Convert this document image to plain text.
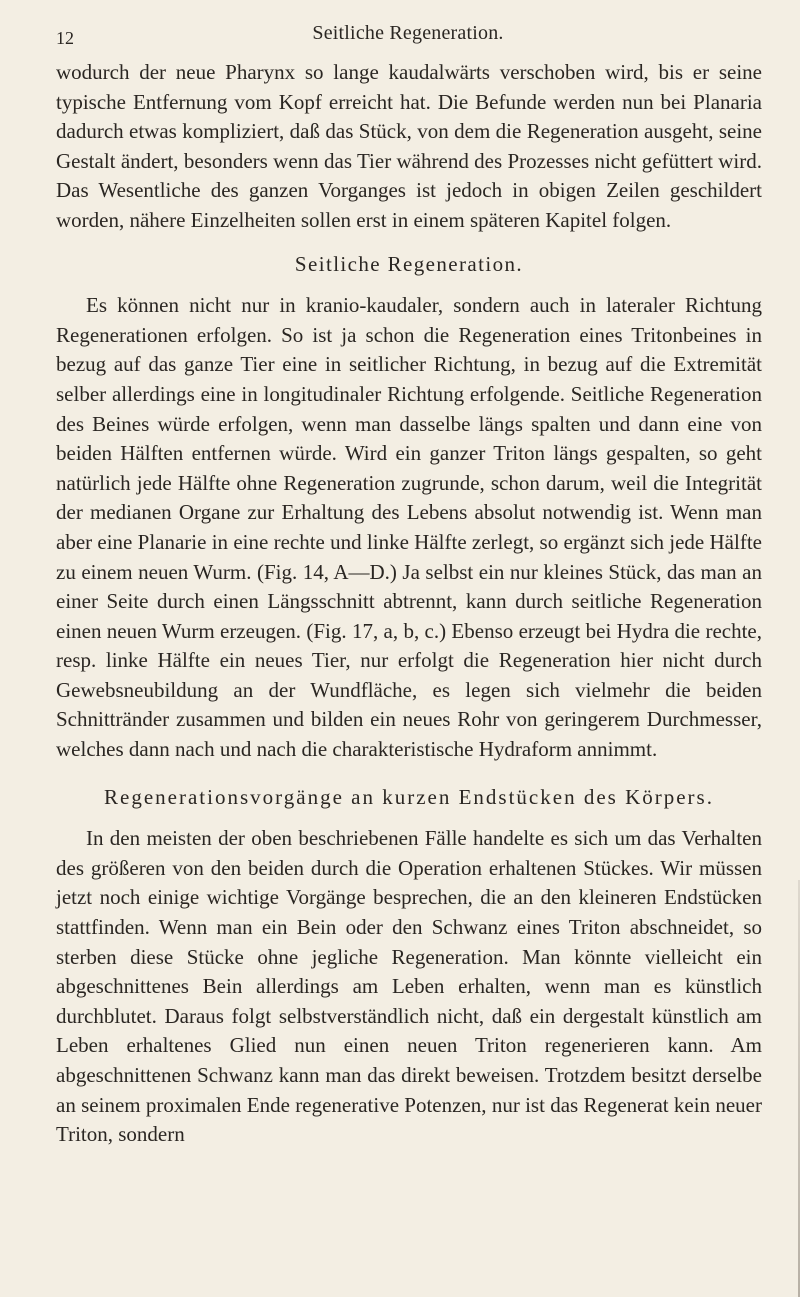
12	Seitliche Regeneration.

wodurch der neue Pharynx so lange kaudalwärts verschoben wird, bis er seine typische Entfernung vom Kopf erreicht hat. Die Befunde werden nun bei Planaria dadurch etwas kompliziert, daß das Stück, von dem die Regeneration ausgeht, seine Gestalt ändert, besonders wenn das Tier während des Prozesses nicht gefüttert wird. Das Wesentliche des ganzen Vorganges ist jedoch in obigen Zeilen geschildert worden, nähere Einzelheiten sollen erst in einem späteren Kapitel folgen.

Seitliche Regeneration.

Es können nicht nur in kranio-kaudaler, sondern auch in lateraler Richtung Regenerationen erfolgen. So ist ja schon die Regeneration eines Tritonbeines in bezug auf das ganze Tier eine in seitlicher Richtung, in bezug auf die Extremität selber allerdings eine in longitudinaler Richtung erfolgende. Seitliche Regeneration des Beines würde erfolgen, wenn man dasselbe längs spalten und dann eine von beiden Hälften entfernen würde. Wird ein ganzer Triton längs gespalten, so geht natürlich jede Hälfte ohne Regeneration zugrunde, schon darum, weil die Integrität der medianen Organe zur Erhaltung des Lebens absolut notwendig ist. Wenn man aber eine Planarie in eine rechte und linke Hälfte zerlegt, so ergänzt sich jede Hälfte zu einem neuen Wurm. (Fig. 14, A—D.) Ja selbst ein nur kleines Stück, das man an einer Seite durch einen Längsschnitt abtrennt, kann durch seitliche Regeneration einen neuen Wurm erzeugen. (Fig. 17, a, b, c.) Ebenso erzeugt bei Hydra die rechte, resp. linke Hälfte ein neues Tier, nur erfolgt die Regeneration hier nicht durch Gewebsneubildung an der Wundfläche, es legen sich vielmehr die beiden Schnittränder zusammen und bilden ein neues Rohr von geringerem Durchmesser, welches dann nach und nach die charakteristische Hydraform annimmt.

Regenerationsvorgänge an kurzen Endstücken des Körpers.

In den meisten der oben beschriebenen Fälle handelte es sich um das Verhalten des größeren von den beiden durch die Operation erhaltenen Stückes. Wir müssen jetzt noch einige wichtige Vorgänge besprechen, die an den kleineren Endstücken stattfinden. Wenn man ein Bein oder den Schwanz eines Triton abschneidet, so sterben diese Stücke ohne jegliche Regeneration. Man könnte vielleicht ein abgeschnittenes Bein allerdings am Leben erhalten, wenn man es künstlich durchblutet. Daraus folgt selbstverständlich nicht, daß ein dergestalt künstlich am Leben erhaltenes Glied nun einen neuen Triton regenerieren kann. Am abgeschnittenen Schwanz kann man das direkt beweisen. Trotzdem besitzt derselbe an seinem proximalen Ende regenerative Potenzen, nur ist das Regenerat kein neuer Triton, sondern
